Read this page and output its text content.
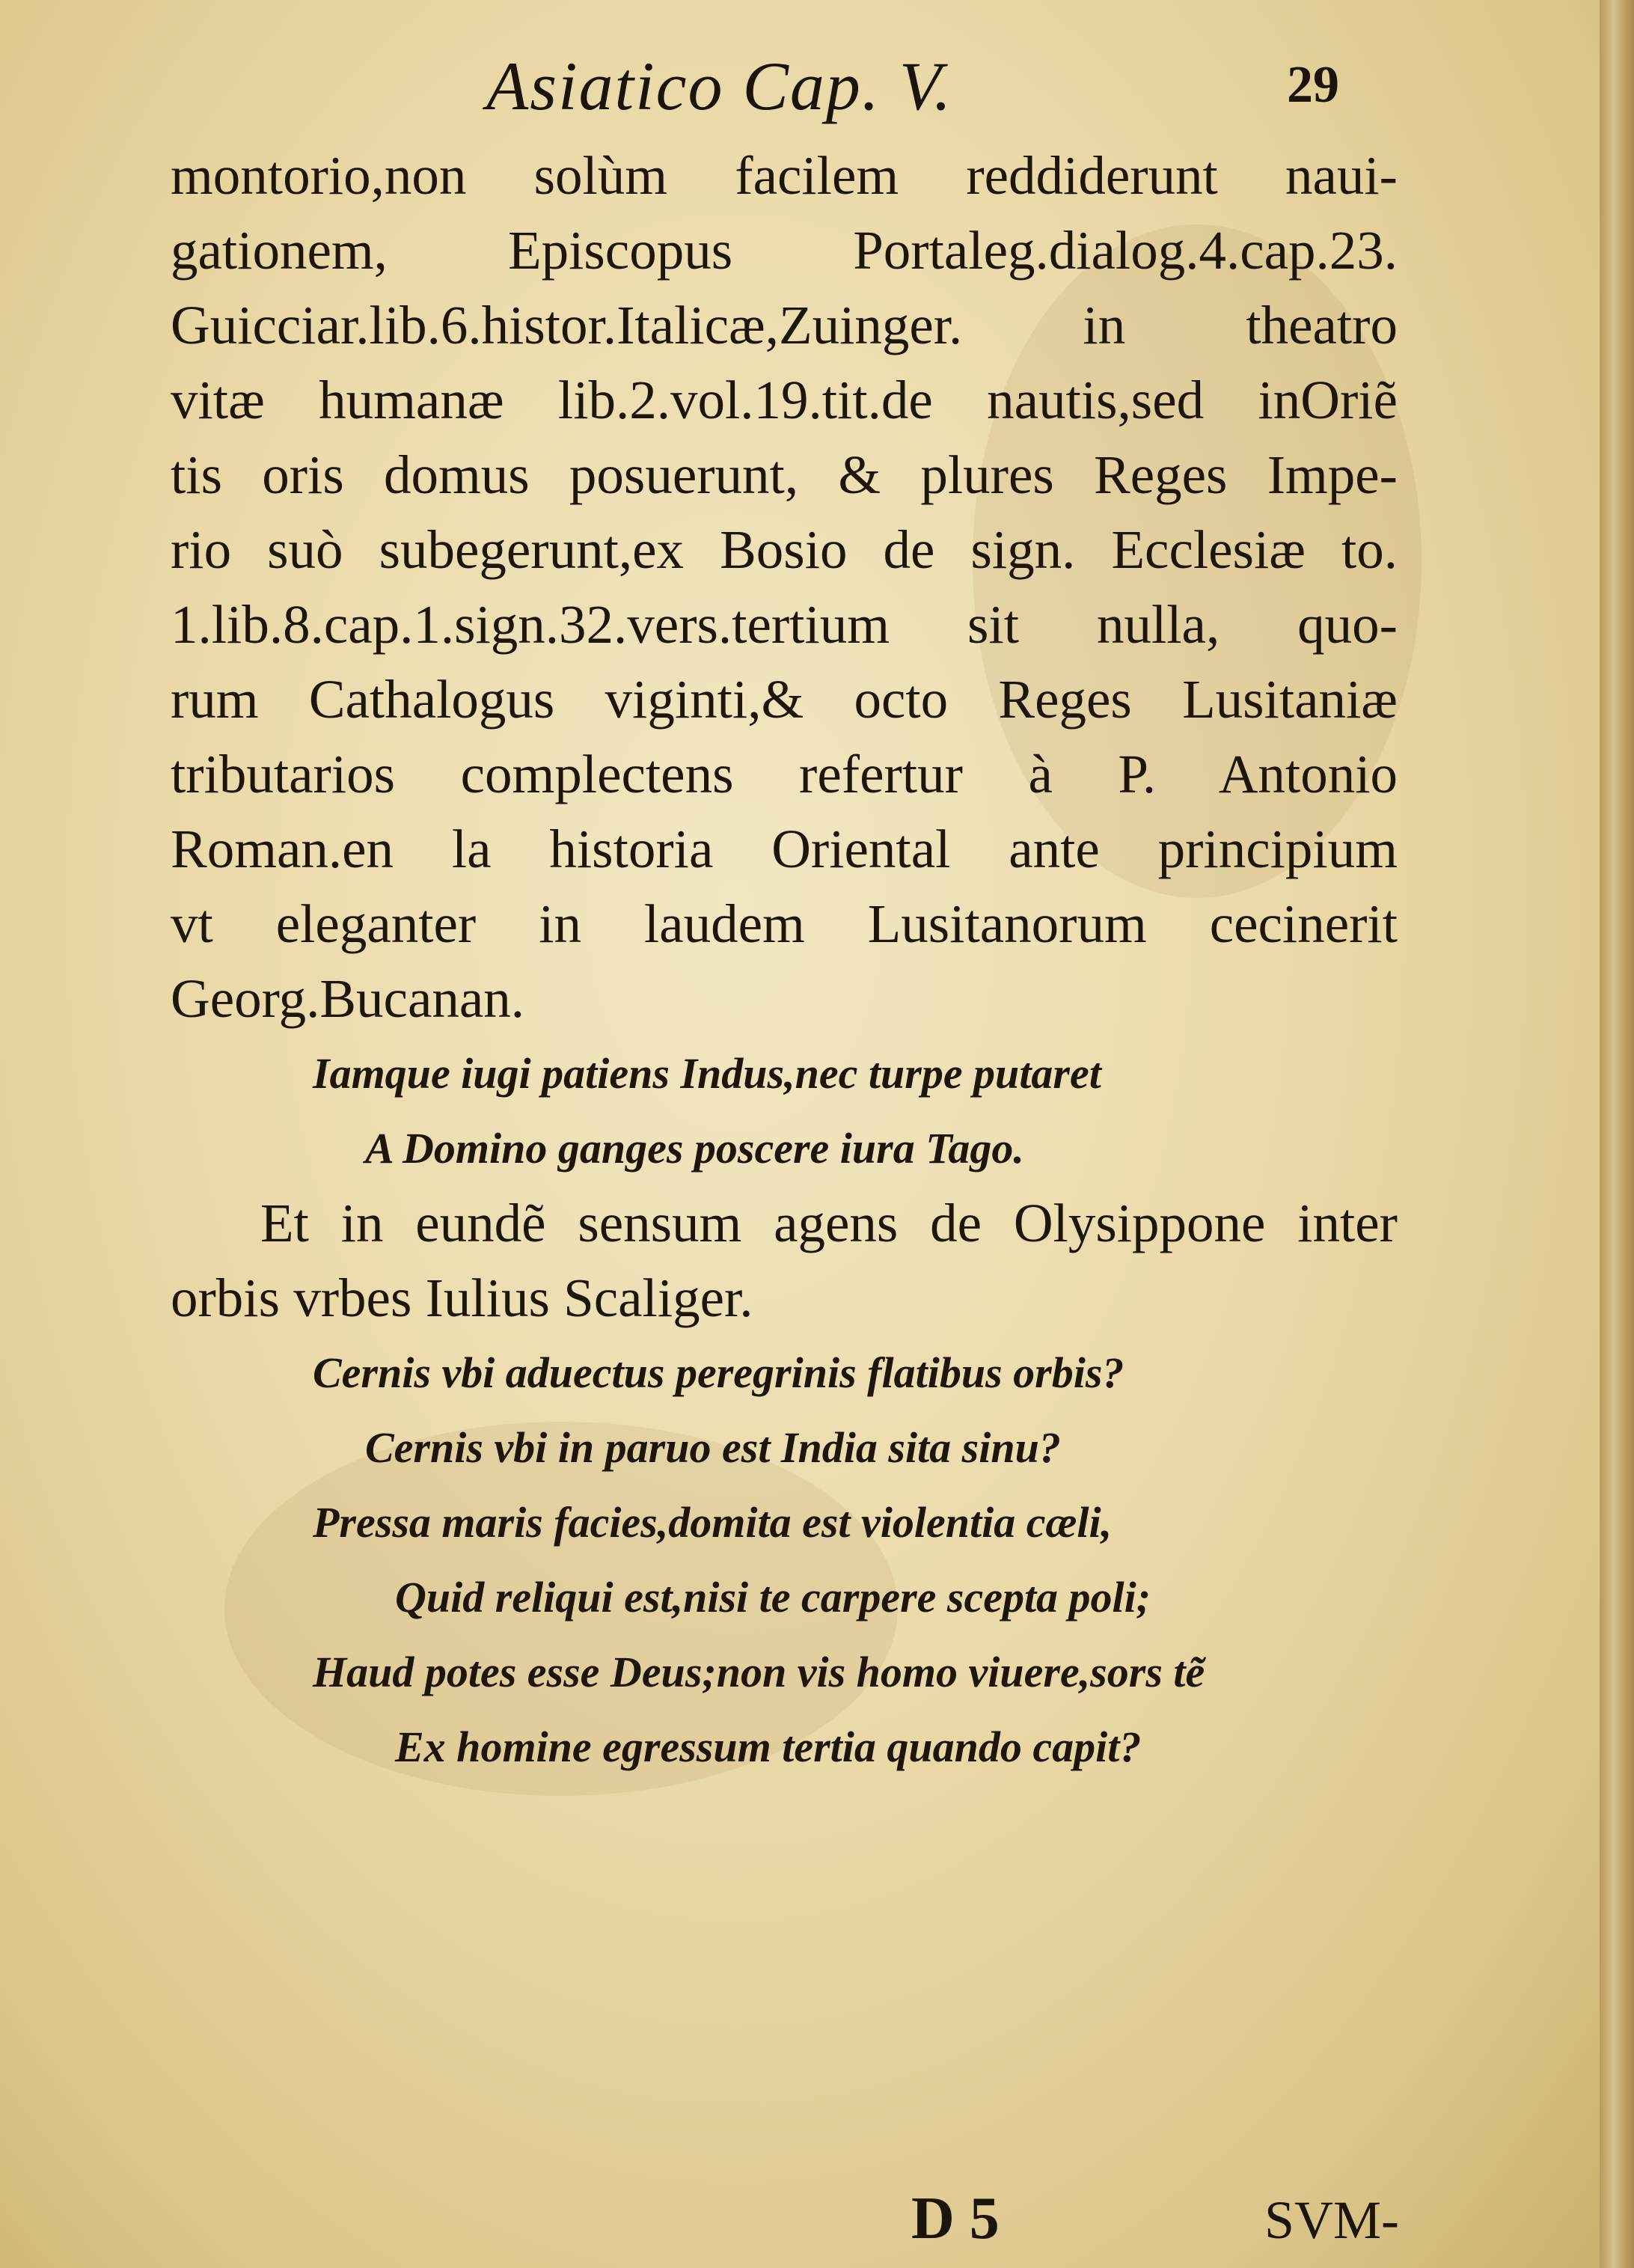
Asiatico Cap. V.	29
montorio,non solùm facilem reddiderunt naui-
gationem, Episcopus Portaleg.dialog.4.cap.23.
Guicciar.lib.6.histor.Italicæ,Zuinger. in theatro
vitæ humanæ lib.2.vol.19.tit.de nautis,sed inOriẽ
tis oris domus posuerunt, & plures Reges Impe-
rio suò subegerunt,ex Bosio de sign. Ecclesiæ to.
1.lib.8.cap.1.sign.32.vers.tertium sit nulla, quo-
rum Cathalogus viginti,& octo Reges Lusitaniæ
tributarios complectens refertur à P. Antonio
Roman.en la historia Oriental ante principium
vt eleganter in laudem Lusitanorum cecinerit
Georg.Bucanan.
Iamque iugi patiens Indus,nec turpe putaret
A Domino ganges poscere iura Tago.
Et in eundẽ sensum agens de Olysippone inter
orbis vrbes Iulius Scaliger.
Cernis vbi aduectus peregrinis flatibus orbis?
Cernis vbi in paruo est India sita sinu?
Pressa maris facies,domita est violentia cæli,
Quid reliqui est,nisi te carpere scepta poli;
Haud potes esse Deus;non vis homo viuere,sors tẽ
Ex homine egressum tertia quando capit?
D 5	SVM-
